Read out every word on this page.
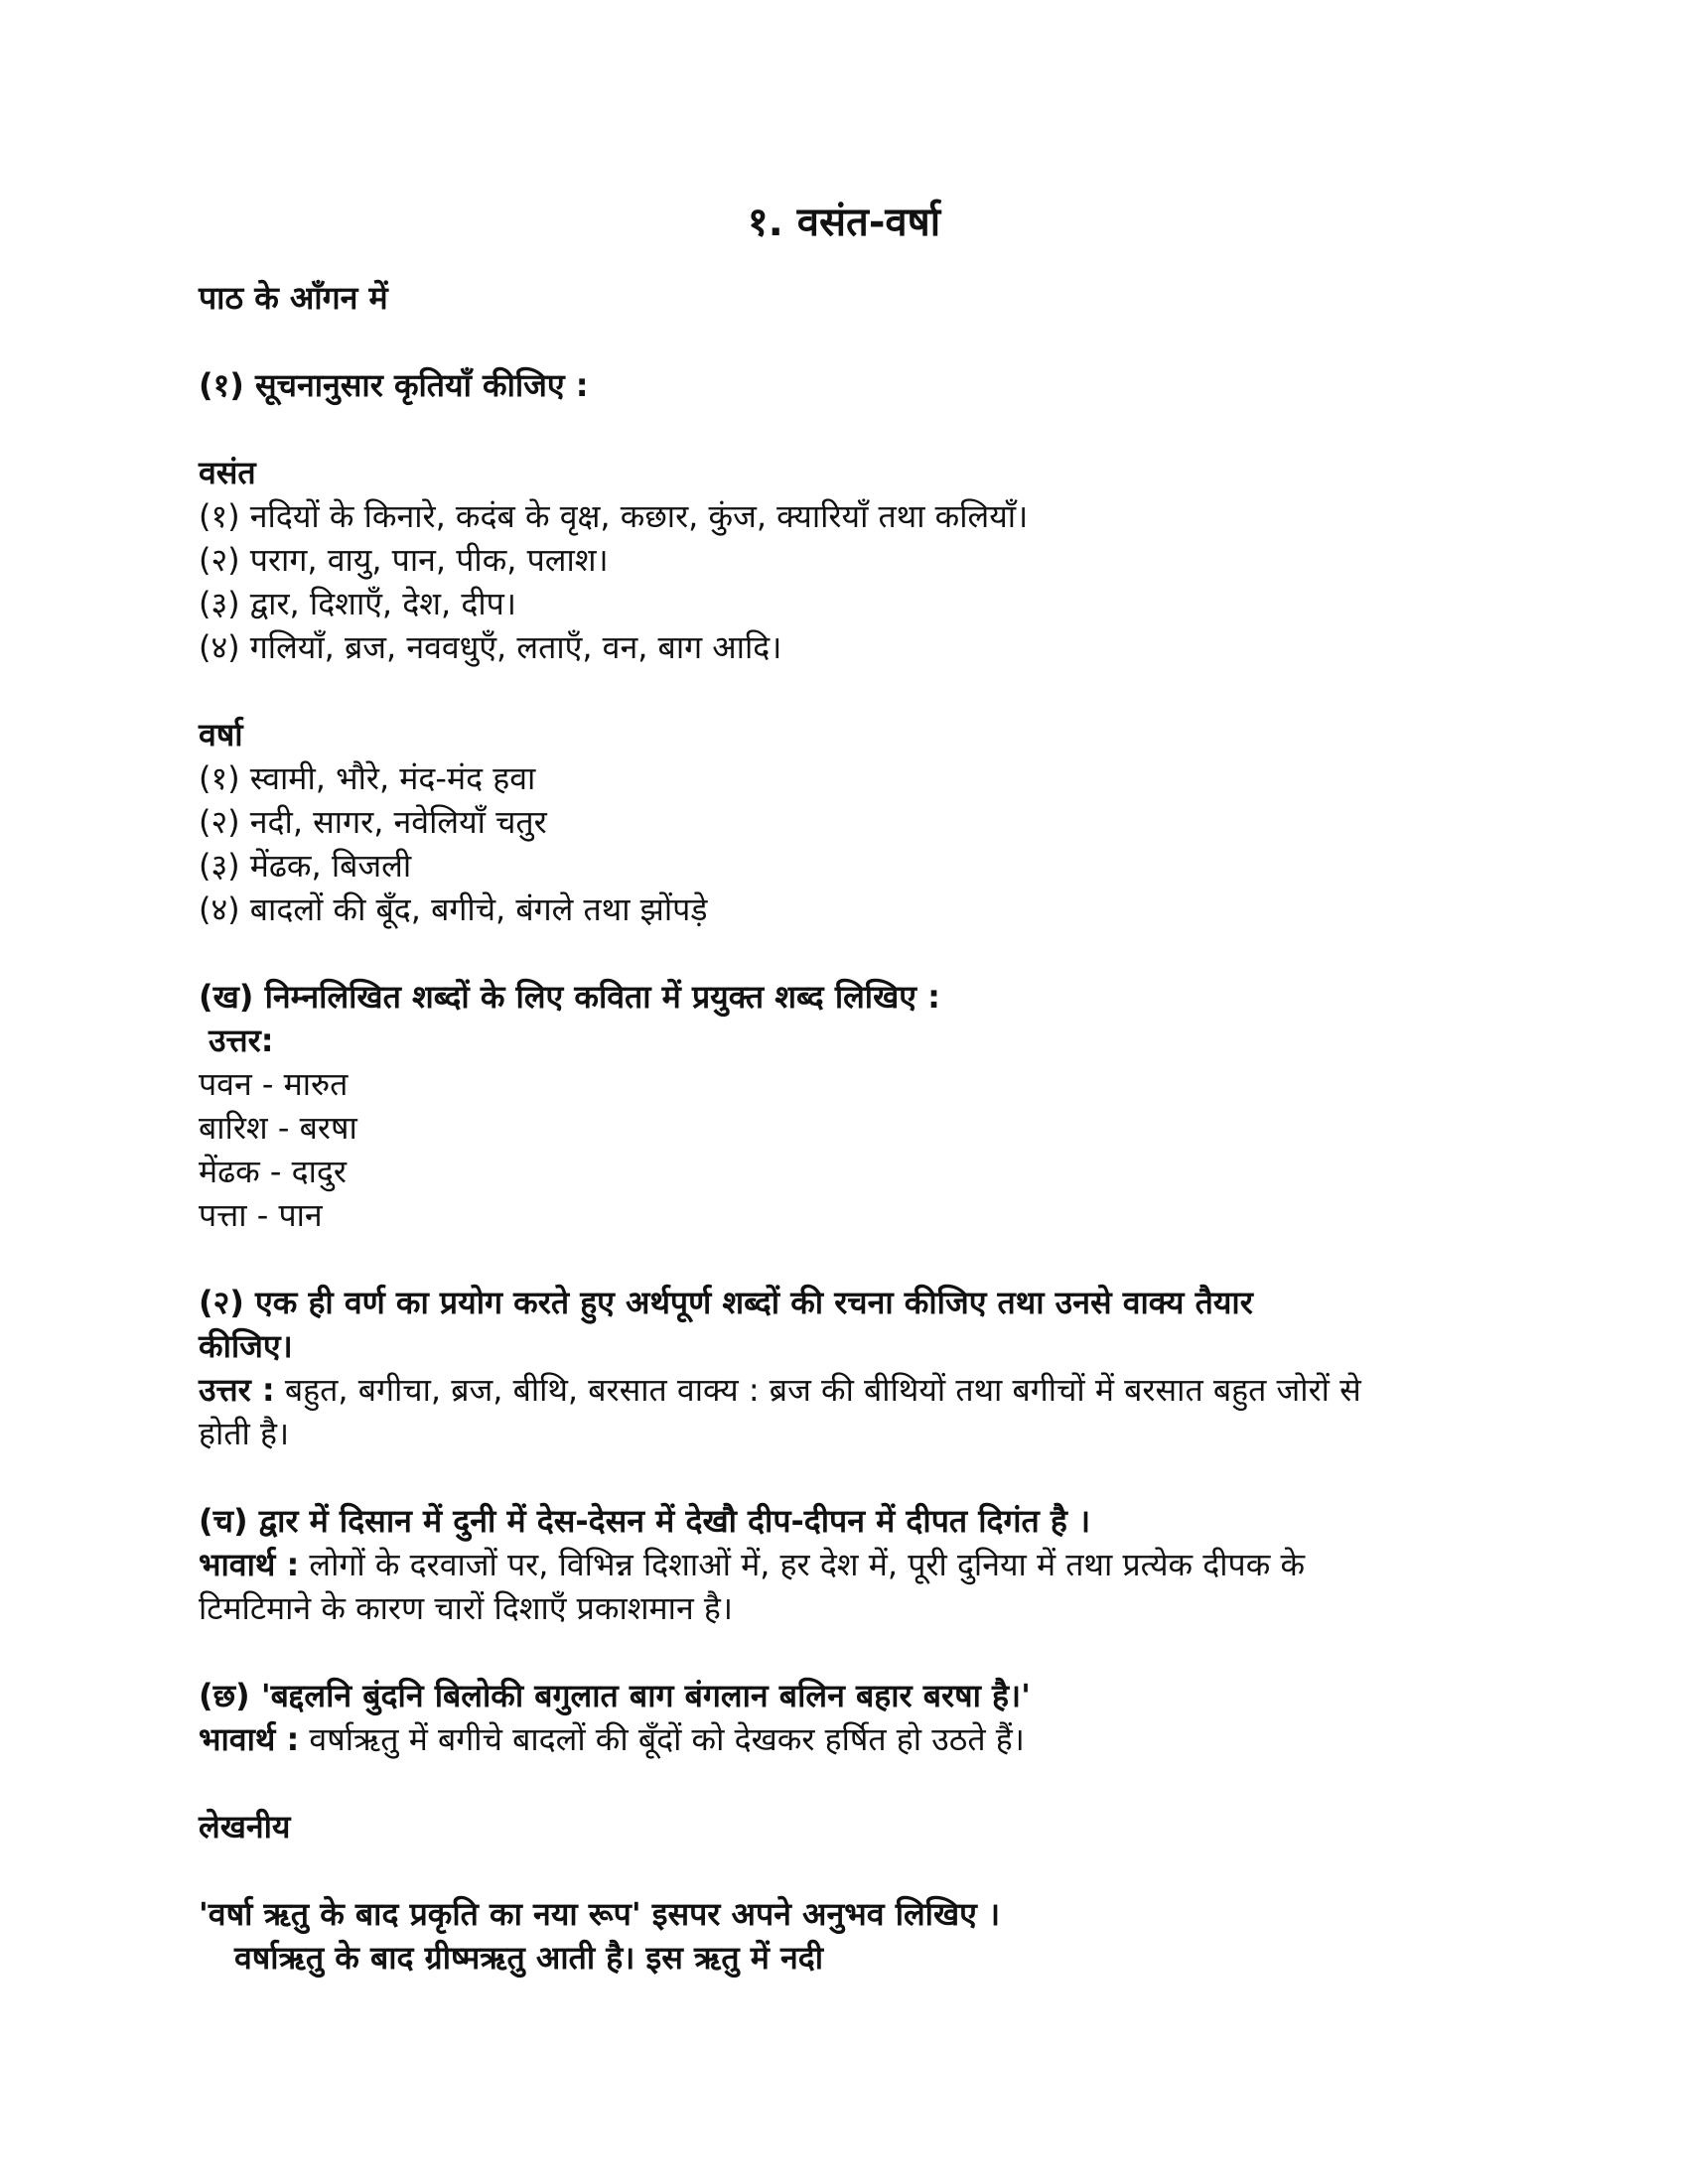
१. वसंत-वर्षा
पाठ के आँगन में
(१) सूचनानुसार कृतियाँ कीजिए :
वसंत
(१) नदियों के किनारे, कदंब के वृक्ष, कछार, कुंज, क्यारियाँ तथा कलियाँ।
(२) पराग, वायु, पान, पीक, पलाश।
(३) द्वार, दिशाएँ, देश, दीप।
(४) गलियाँ, ब्रज, नववधुएँ, लताएँ, वन, बाग आदि।
वर्षा
(१) स्वामी, भौरे, मंद-मंद हवा
(२) नदी, सागर, नवेलियाँ चतुर
(३) मेंढक, बिजली
(४) बादलों की बूँद, बगीचे, बंगले तथा झोंपड़े
(ख) निम्नलिखित शब्दों के लिए कविता में प्रयुक्त शब्द लिखिए :
उत्तर:
पवन - मारुत
बारिश - बरषा
मेंढक - दादुर
पत्ता - पान
(२) एक ही वर्ण का प्रयोग करते हुए अर्थपूर्ण शब्दों की रचना कीजिए तथा उनसे वाक्य तैयार
कीजिए।
उत्तर : बहुत, बगीचा, ब्रज, बीथि, बरसात वाक्य : ब्रज की बीथियों तथा बगीचों में बरसात बहुत जोरों से
होती है।
(च) द्वार में दिसान में दुनी में देस-देसन में देखौ दीप-दीपन में दीपत दिगंत है ।
भावार्थ : लोगों के दरवाजों पर, विभिन्न दिशाओं में, हर देश में, पूरी दुनिया में तथा प्रत्येक दीपक के
टिमटिमाने के कारण चारों दिशाएँ प्रकाशमान है।
(छ) 'बद्दलनि बुंदनि बिलोकी बगुलात बाग बंगलान बलिन बहार बरषा है।'
भावार्थ : वर्षाऋतु में बगीचे बादलों की बूँदों को देखकर हर्षित हो उठते हैं।
लेखनीय
'वर्षा ऋतु के बाद प्रकृति का नया रूप' इसपर अपने अनुभव लिखिए ।
वर्षाऋतु के बाद ग्रीष्मऋतु आती है। इस ऋतु में नदी
